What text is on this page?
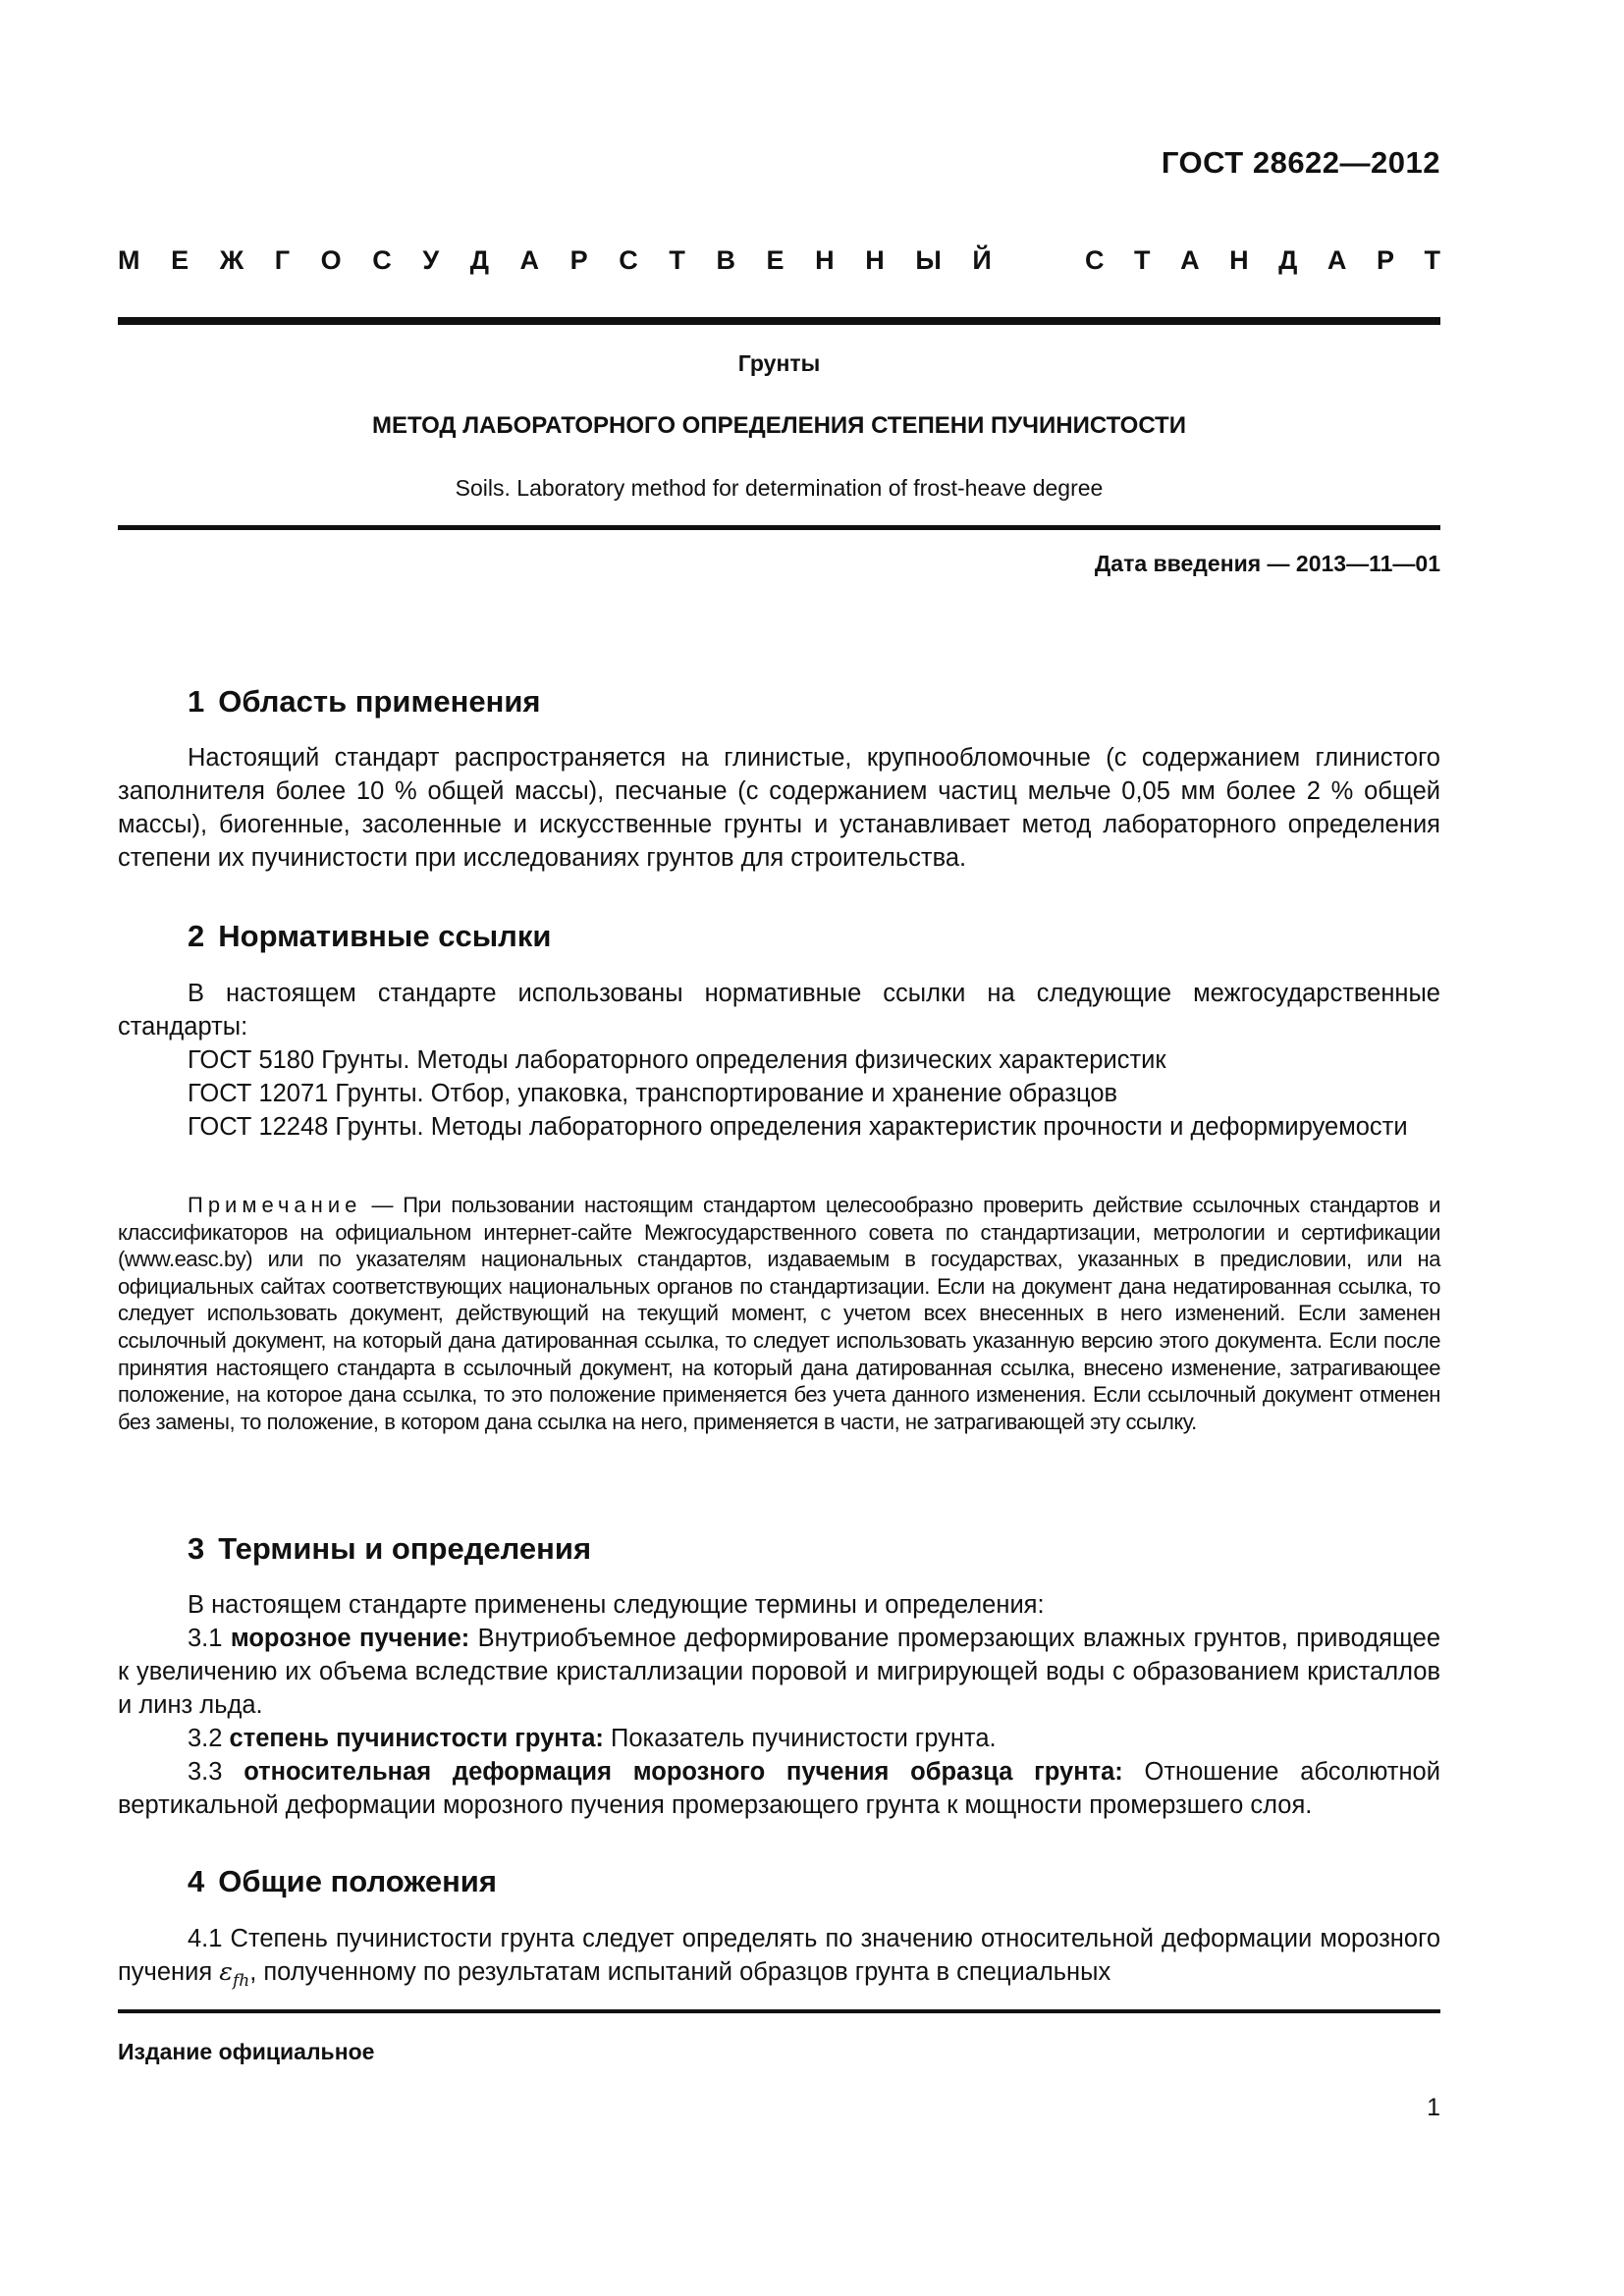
ГОСТ 28622—2012
М Е Ж Г О С У Д А Р С Т В Е Н Н Ы Й	С Т А Н Д А Р Т
Грунты
МЕТОД ЛАБОРАТОРНОГО ОПРЕДЕЛЕНИЯ СТЕПЕНИ ПУЧИНИСТОСТИ
Soils. Laboratory method for determination of frost-heave degree
Дата введения — 2013—11—01
1 Область применения

Настоящий стандарт распространяется на глинистые, крупнообломочные (с содержанием глинистого заполнителя более 10 % общей массы), песчаные (с содержанием частиц мельче 0,05 мм более 2 % общей массы), биогенные, засоленные и искусственные грунты и устанавливает метод лабораторного определения степени их пучинистости при исследованиях грунтов для строительства.

2 Нормативные ссылки

В настоящем стандарте использованы нормативные ссылки на следующие межгосударственные стандарты:

ГОСТ 5180 Грунты. Методы лабораторного определения физических характеристик

ГОСТ 12071 Грунты. Отбор, упаковка, транспортирование и хранение образцов

ГОСТ 12248 Грунты. Методы лабораторного определения характеристик прочности и деформируемости

Примечание — При пользовании настоящим стандартом целесообразно проверить действие ссылочных стандартов и классификаторов на официальном интернет-сайте Межгосударственного совета по стандартизации, метрологии и сертификации (www.easc.by) или по указателям национальных стандартов, издаваемым в государствах, указанных в предисловии, или на официальных сайтах соответствующих национальных органов по стандартизации. Если на документ дана недатированная ссылка, то следует использовать документ, действующий на текущий момент, с учетом всех внесенных в него изменений. Если заменен ссылочный документ, на который дана датированная ссылка, то следует использовать указанную версию этого документа. Если после принятия настоящего стандарта в ссылочный документ, на который дана датированная ссылка, внесено изменение, затрагивающее положение, на которое дана ссылка, то это положение применяется без учета данного изменения. Если ссылочный документ отменен без замены, то положение, в котором дана ссылка на него, применяется в части, не затрагивающей эту ссылку.

3 Термины и определения

В настоящем стандарте применены следующие термины и определения:

3.1 морозное пучение: Внутриобъемное деформирование промерзающих влажных грунтов, приводящее к увеличению их объема вследствие кристаллизации поровой и мигрирующей воды с образованием кристаллов и линз льда.

3.2 степень пучинистости грунта: Показатель пучинистости грунта.

3.3 относительная деформация морозного пучения образца грунта: Отношение абсолютной вертикальной деформации морозного пучения промерзающего грунта к мощности промерзшего слоя.

4 Общие положения

4.1 Степень пучинистости грунта следует определять по значению относительной деформации морозного пучения $\varepsilon_{fh}$, полученному по результатам испытаний образцов грунта в специальных

Издание официальное
1
